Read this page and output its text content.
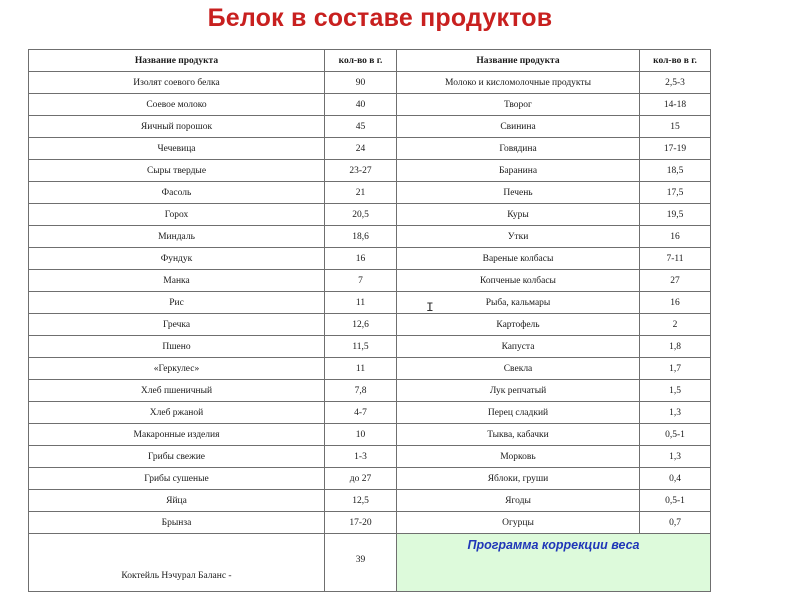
Белок в составе продуктов
Название продукта	кол-во в г.	Название продукта	кол-во в г.
Изолят соевого белка	90	Молоко и кисломолочные продукты	2,5-3
Соевое молоко	40	Творог	14-18
Яичный порошок	45	Свинина	15
Чечевица	24	Говядина	17-19
Сыры твердые	23-27	Баранина	18,5
Фасоль	21	Печень	17,5
Горох	20,5	Куры	19,5
Миндаль	18,6	Утки	16
Фундук	16	Вареные колбасы	7-11
Манка	7	Копченые колбасы	27
Рис	11	Рыба, кальмары	16
Гречка	12,6	Картофель	2
Пшено	11,5	Капуста	1,8
«Геркулес»	11	Свекла	1,7
Хлеб пшеничный	7,8	Лук репчатый	1,5
Хлеб ржаной	4-7	Перец сладкий	1,3
Макаронные изделия	10	Тыква, кабачки	0,5-1
Грибы свежие	1-3	Морковь	1,3
Грибы сушеные	до 27	Яблоки, груши	0,4
Яйца	12,5	Ягоды	0,5-1
Брынза	17-20	Огурцы	0,7
Коктейль Нэчурал Баланс -	39	Программа коррекции веса	
I
